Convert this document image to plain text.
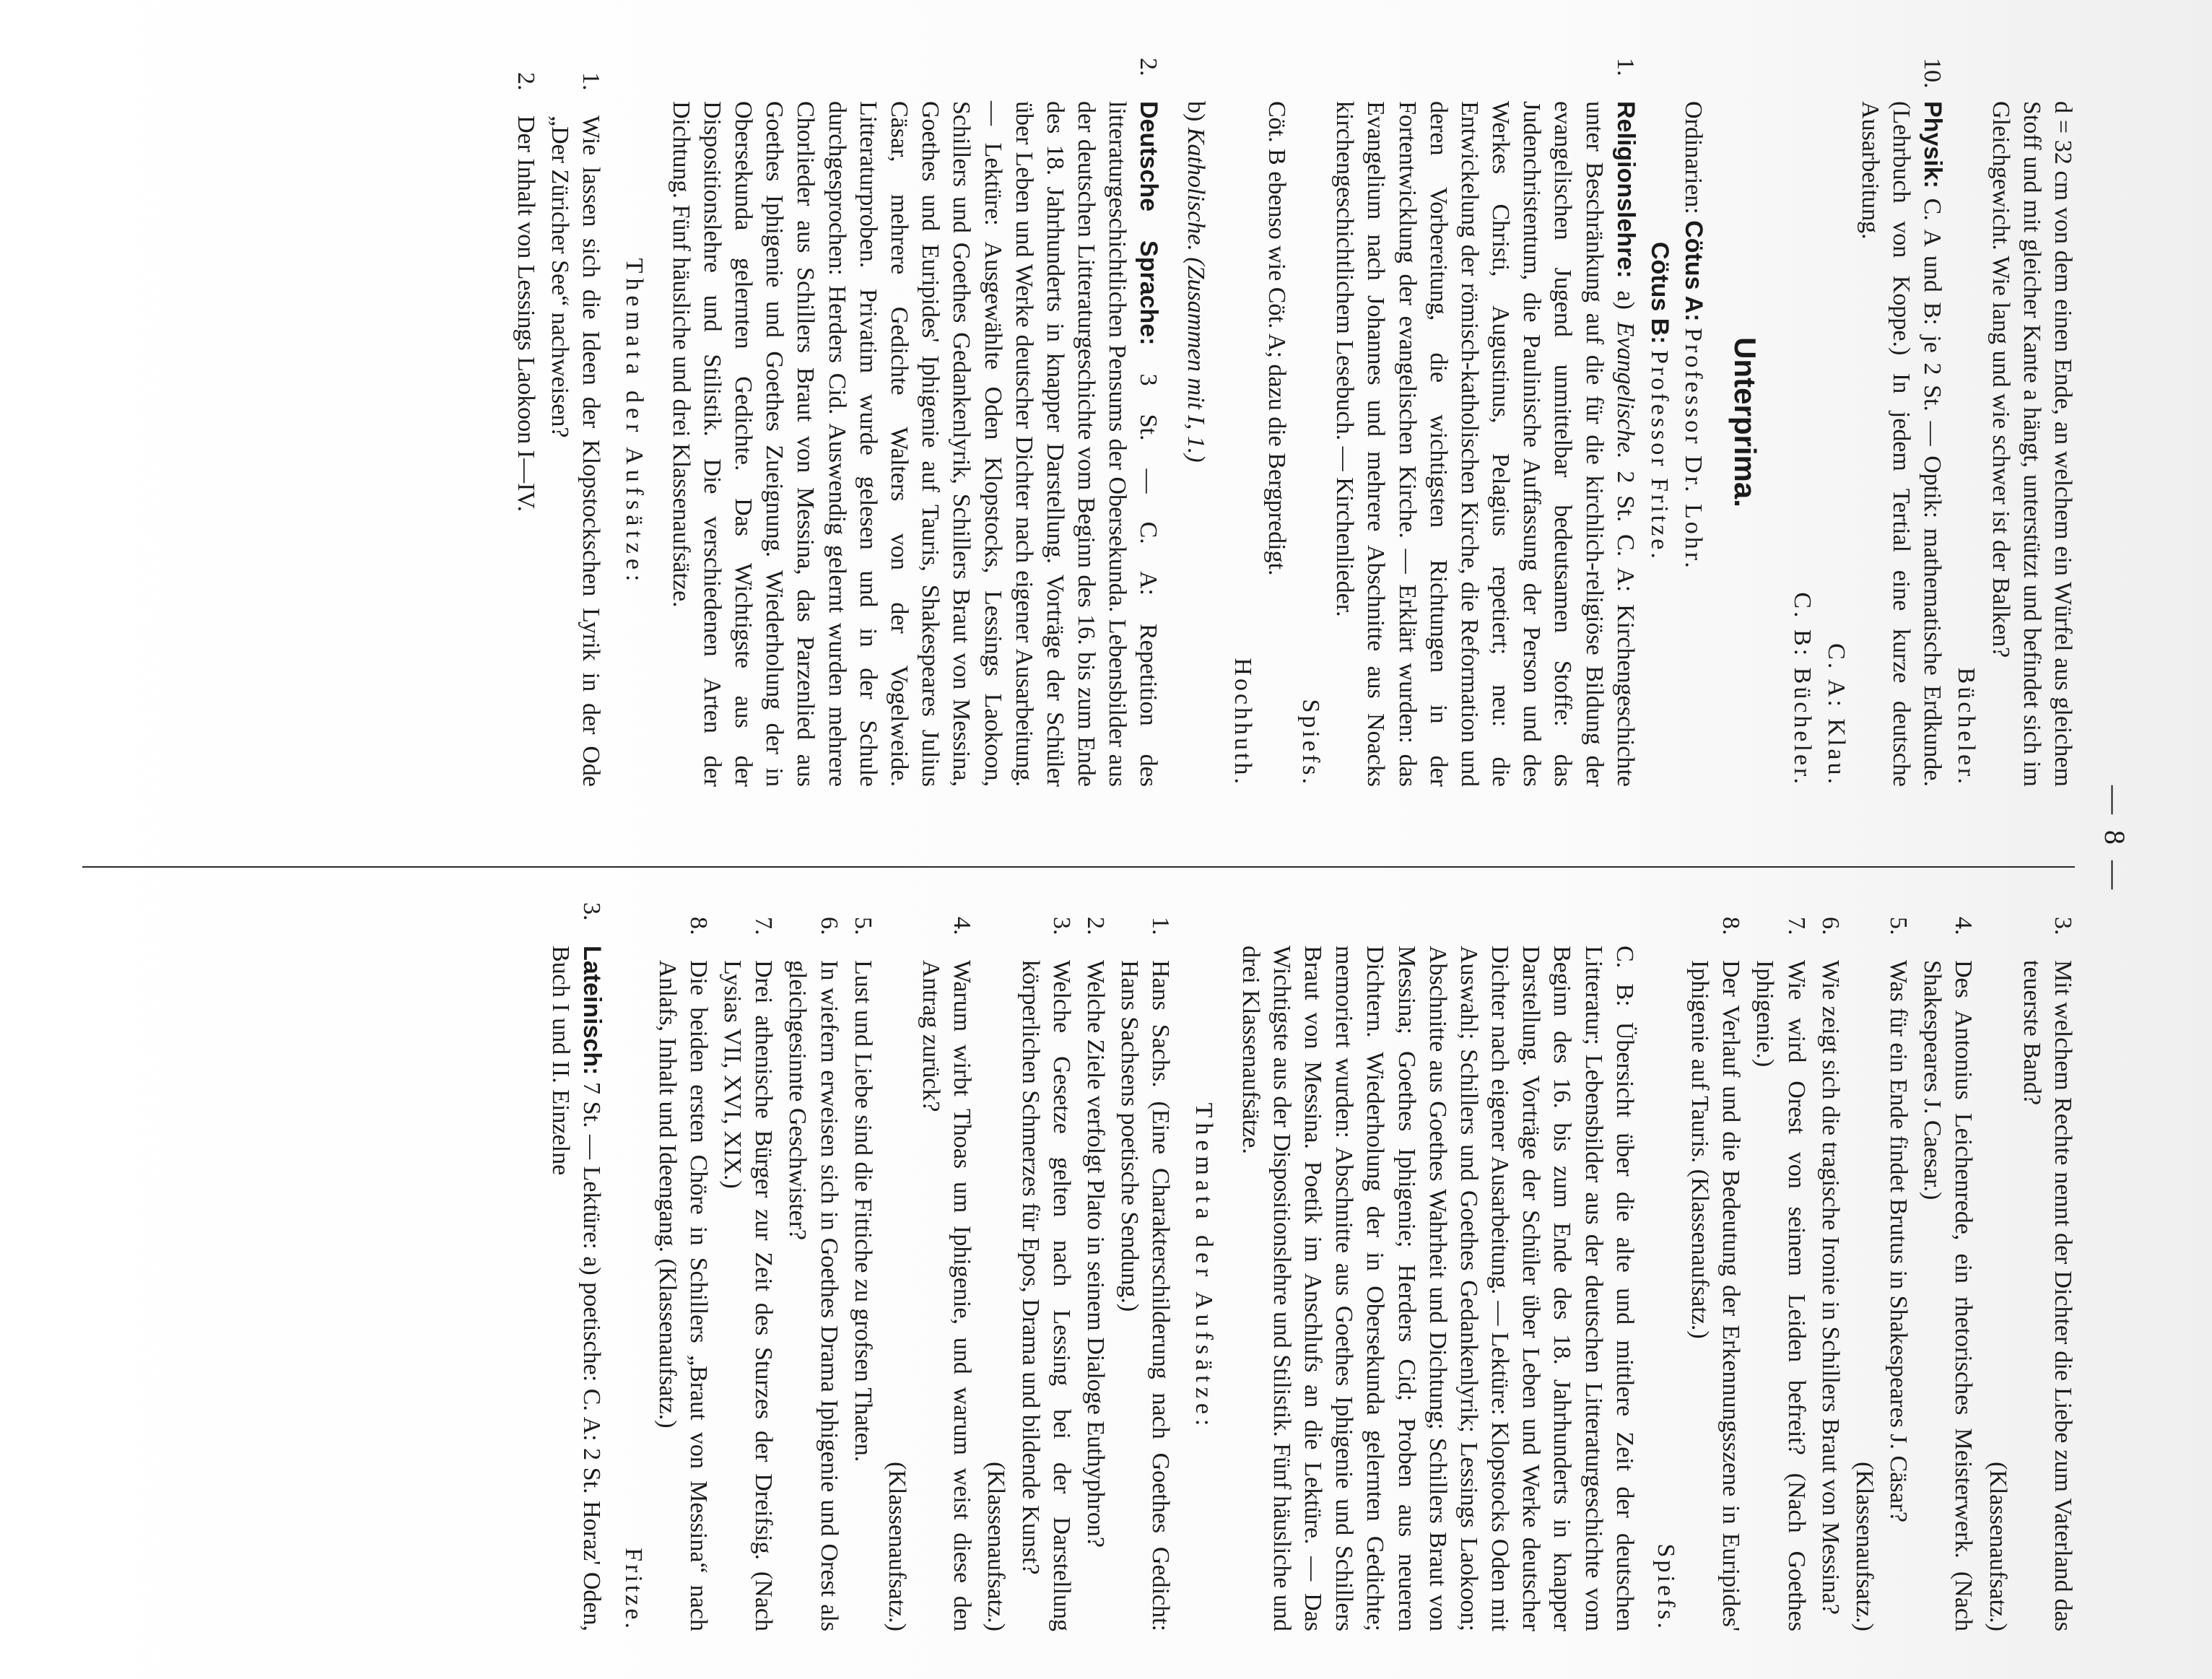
— 8 —

d = 32 cm von dem einen Ende, an welchem ein Würfel aus gleichem Stoff und mit gleicher Kante a hängt, unterstützt und befindet sich im Gleichgewicht. Wie lang und wie schwer ist der Balken?

Bücheler.

10.
Physik: C. A und B: je 2 St. — Optik: mathematische Erdkunde. (Lehrbuch von Koppe.) In jedem Tertial eine kurze deutsche Ausarbeitung.

C. A: Klau.

C. B: Bücheler.

Unterprima.

Ordinarien: Cötus A: Professor Dr. Lohr.

Cötus B: Professor Fritze.

1.
Religionslehre: a) Evangelische. 2 St. C. A: Kirchengeschichte unter Beschränkung auf die für die kirchlich-religiöse Bildung der evangelischen Jugend unmittelbar bedeutsamen Stoffe: das Judenchristentum, die Paulinische Auffassung der Person und des Werkes Christi, Augustinus, Pelagius repetiert; neu: die Entwickelung der römisch-katholischen Kirche, die Reformation und deren Vorbereitung, die wichtigsten Richtungen in der Fortentwicklung der evangelischen Kirche. — Erklärt wurden: das Evangelium nach Johannes und mehrere Abschnitte aus Noacks kirchengeschichtlichem Lesebuch. — Kirchenlieder.

Spiefs.

Cöt. B ebenso wie Cöt. A; dazu die Bergpredigt.

Hochhuth.

b) Katholische. (Zusammen mit I, 1.)

2.
Deutsche Sprache: 3 St. — C. A: Repetition des litteraturgeschichtlichen Pensums der Obersekunda. Lebensbilder aus der deutschen Litteraturgeschichte vom Beginn des 16. bis zum Ende des 18. Jahrhunderts in knapper Darstellung. Vorträge der Schüler über Leben und Werke deutscher Dichter nach eigener Ausarbeitung. — Lektüre: Ausgewählte Oden Klopstocks, Lessings Laokoon, Schillers und Goethes Gedankenlyrik, Schillers Braut von Messina, Goethes und Euripides' Iphigenie auf Tauris, Shakespeares Julius Cäsar, mehrere Gedichte Walters von der Vogelweide. Litteraturproben. Privatim wurde gelesen und in der Schule durchgesprochen: Herders Cid. Auswendig gelernt wurden mehrere Chorlieder aus Schillers Braut von Messina, das Parzenlied aus Goethes Iphigenie und Goethes Zueignung. Wiederholung der in Obersekunda gelernten Gedichte. Das Wichtigste aus der Dispositionslehre und Stilistik. Die verschiedenen Arten der Dichtung. Fünf häusliche und drei Klassenaufsätze.

Themata der Aufsätze:

1.
Wie lassen sich die Ideen der Klopstockschen Lyrik in der Ode „Der Züricher See“ nachweisen?

2.
Der Inhalt von Lessings Laokoon I—IV.

3.
Mit welchem Rechte nennt der Dichter die Liebe zum Vaterland das teuerste Band?

(Klassenaufsatz.)

4.
Des Antonius Leichenrede, ein rhetorisches Meisterwerk. (Nach Shakespeares J. Caesar.)

5.
Was für ein Ende findet Brutus in Shakespeares J. Cäsar?

(Klassenaufsatz.)

6.
Wie zeigt sich die tragische Ironie in Schillers Braut von Messina?

7.
Wie wird Orest von seinem Leiden befreit? (Nach Goethes Iphigenie.)

8.
Der Verlauf und die Bedeutung der Erkennungsszene in Euripides' Iphigenie auf Tauris. (Klassenaufsatz.)

Spiefs.

C. B: Übersicht über die alte und mittlere Zeit der deutschen Litteratur; Lebensbilder aus der deutschen Litteraturgeschichte vom Beginn des 16. bis zum Ende des 18. Jahrhunderts in knapper Darstellung. Vorträge der Schüler über Leben und Werke deutscher Dichter nach eigener Ausarbeitung. — Lektüre: Klopstocks Oden mit Auswahl; Schillers und Goethes Gedankenlyrik; Lessings Laokoon; Abschnitte aus Goethes Wahrheit und Dichtung; Schillers Braut von Messina; Goethes Iphigenie; Herders Cid; Proben aus neueren Dichtern. Wiederholung der in Obersekunda gelernten Gedichte; memoriert wurden: Abschnitte aus Goethes Iphigenie und Schillers Braut von Messina. Poetik im Anschlufs an die Lektüre. — Das Wichtigste aus der Dispositionslehre und Stilistik. Fünf häusliche und drei Klassenaufsätze.

Themata der Aufsätze:

1.
Hans Sachs. (Eine Charakterschilderung nach Goethes Gedicht: Hans Sachsens poetische Sendung.)

2.
Welche Ziele verfolgt Plato in seinem Dialoge Euthyphron?

3.
Welche Gesetze gelten nach Lessing bei der Darstellung körperlichen Schmerzes für Epos, Drama und bildende Kunst?

(Klassenaufsatz.)

4.
Warum wirbt Thoas um Iphigenie, und warum weist diese den Antrag zurück?

(Klassenaufsatz.)

5.
Lust und Liebe sind die Fittiche zu grofsen Thaten.

6.
In wiefern erweisen sich in Goethes Drama Iphigenie und Orest als gleichgesinnte Geschwister?

7.
Drei athenische Bürger zur Zeit des Sturzes der Dreifsig. (Nach Lysias VII, XVI, XIX.)

8.
Die beiden ersten Chöre in Schillers „Braut von Messina“ nach Anlafs, Inhalt und Ideengang. (Klassenaufsatz.)

Fritze.

3.
Lateinisch: 7 St. — Lektüre: a) poetische: C. A: 2 St. Horaz' Oden, Buch I und II. Einzelne
